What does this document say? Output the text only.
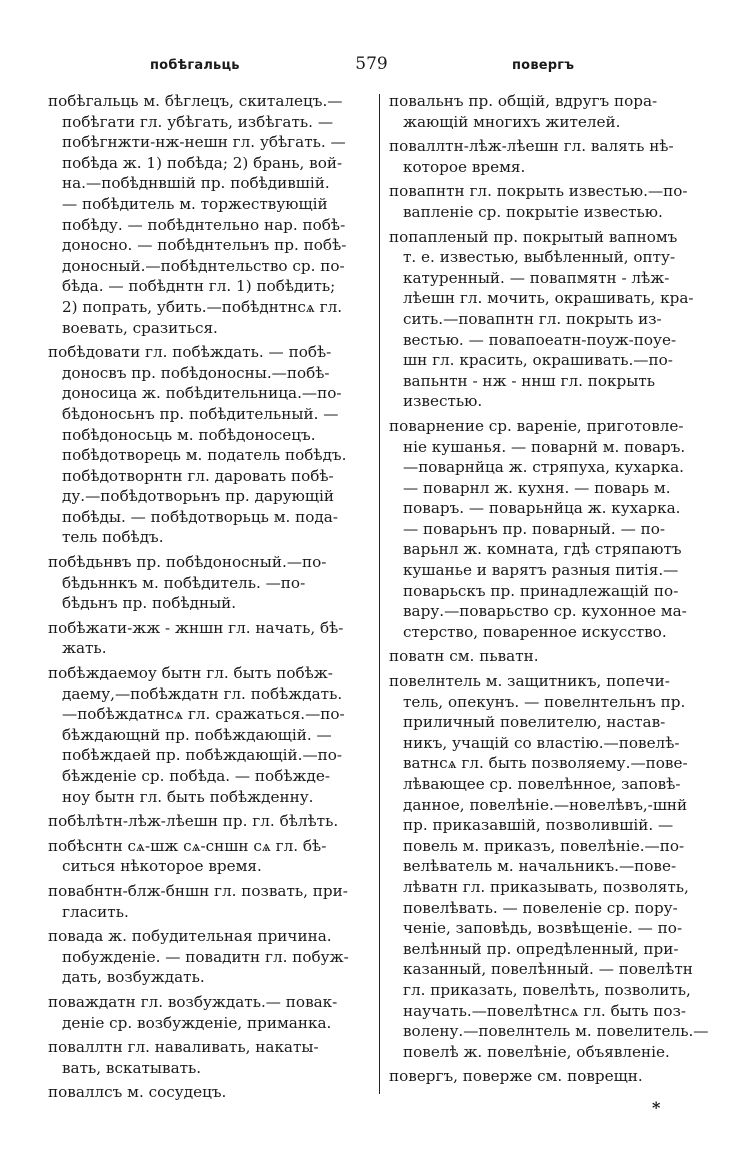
побѣгальць	579	повергъ
побѣгальць м. бѣглецъ, скиталецъ.—
побѣгати гл. убѣгать, избѣгать. —
побѣгнжти-нж-нешн гл. убѣгать. —
побѣда ж. 1) побѣда; 2) брань, вой-
на.—побѣднвшій пр. побѣдившій.
— побѣдитель м. торжествующій
побѣду. — побѣднтельно нар. побѣ-
доносно. — побѣднтельнъ пр. побѣ-
доносный.—побѣднтельство ср. по-
бѣда. — побѣднтн гл. 1) побѣдить;
2) попрать, убить.—побѣднтнсѧ гл.
воевать, сразиться.
побѣдовати гл. побѣждать. — побѣ-
доносвъ пр. побѣдоносны.—побѣ-
доносица ж. побѣдительница.—по-
бѣдоносьнъ пр. побѣдительный. —
побѣдоносьць м. побѣдоносецъ.
побѣдотворець м. податель побѣдъ.
побѣдотворнтн гл. даровать побѣ-
ду.—побѣдотворьнъ пр. дарующій
побѣды. — побѣдотворьць м. пода-
тель побѣдъ.
побѣдьнвъ пр. побѣдоносный.—по-
бѣдьннкъ м. побѣдитель. —по-
бѣдьнъ пр. побѣдный.
побѣжати-жж - жншн гл. начать, бѣ-
жать.
побѣждаемоу бытн гл. быть побѣж-
даему,—побѣждатн гл. побѣждать.
—побѣждатнсѧ гл. сражаться.—по-
бѣждающнй пр. побѣждающій. —
побѣждаей пр. побѣждающій.—по-
бѣжденіе ср. побѣда. — побѣжде-
ноу бытн гл. быть побѣжденну.
побѣлѣтн-лѣж-лѣешн пр. гл. бѣлѣть.
побѣснтн сѧ-шж сѧ-сншн сѧ гл. бѣ-
ситься нѣкоторое время.
повабнтн-блж-бншн гл. позвать, при-
гласить.
повада ж. побудительная причина.
побужденіе. — повадитн гл. побуж-
дать, возбуждать.
поваждатн гл. возбуждать.— повак-
деніе ср. возбужденіе, приманка.
поваллтн гл. наваливать, накаты-
вать, вскатывать.
поваллсъ м. сосудецъ.
повальнъ пр. общій, вдругъ пора-
жающій многихъ жителей.
поваллтн-лѣж-лѣешн гл. валять нѣ-
которое время.
повапнтн гл. покрыть известью.—по-
вапленіе ср. покрытіе известью.
попапленый пр. покрытый вапномъ
т. е. известью, выбѣленный, опту-
катуренный. — повапмятн - лѣж-
лѣешн гл. мочить, окрашивать, кра-
сить.—повапнтн гл. покрыть из-
вестью. — повапоеатн-поуж-поуе-
шн гл. красить, окрашивать.—по-
вапьнтн - нж - ннш гл. покрыть
известью.
поварнение ср. вареніе, приготовле-
ніе кушанья. — поварнй м. поваръ.
—поварнйца ж. стряпуха, кухарка.
— поварнл ж. кухня. — поварь м.
поваръ. — поварьнйца ж. кухарка.
— поварьнъ пр. поварный. — по-
варьнл ж. комната, гдѣ стряпаютъ
кушанье и варятъ разныя питія.—
поварьскъ пр. принадлежащій по-
вару.—поварьство ср. кухонное ма-
стерство, поваренное искусство.
поватн см. пьватн.
повелнтель м. защитникъ, попечи-
тель, опекунъ. — повелнтельнъ пр.
приличный повелителю, настав-
никъ, учащій со властію.—повелѣ-
ватнсѧ гл. быть позволяему.—пове-
лѣвающее ср. повелѣнное, заповѣ-
данное, повелѣніе.—новелѣвъ,-шнй
пр. приказавшій, позволившій. —
повель м. приказъ, повелѣніе.—по-
велѣватель м. начальникъ.—пове-
лѣватн гл. приказывать, позволять,
повелѣвать. — повеленіе ср. пору-
ченіе, заповѣдь, возвѣщеніе. — по-
велѣнный пр. опредѣленный, при-
казанный, повелѣнный. — повелѣтн
гл. приказать, повелѣть, позволить,
научать.—повелѣтнсѧ гл. быть поз-
волену.—повелнтель м. повелитель.—
повелѣ ж. повелѣніе, объявленіе.
повергъ, поверже см. поврещн.
*
